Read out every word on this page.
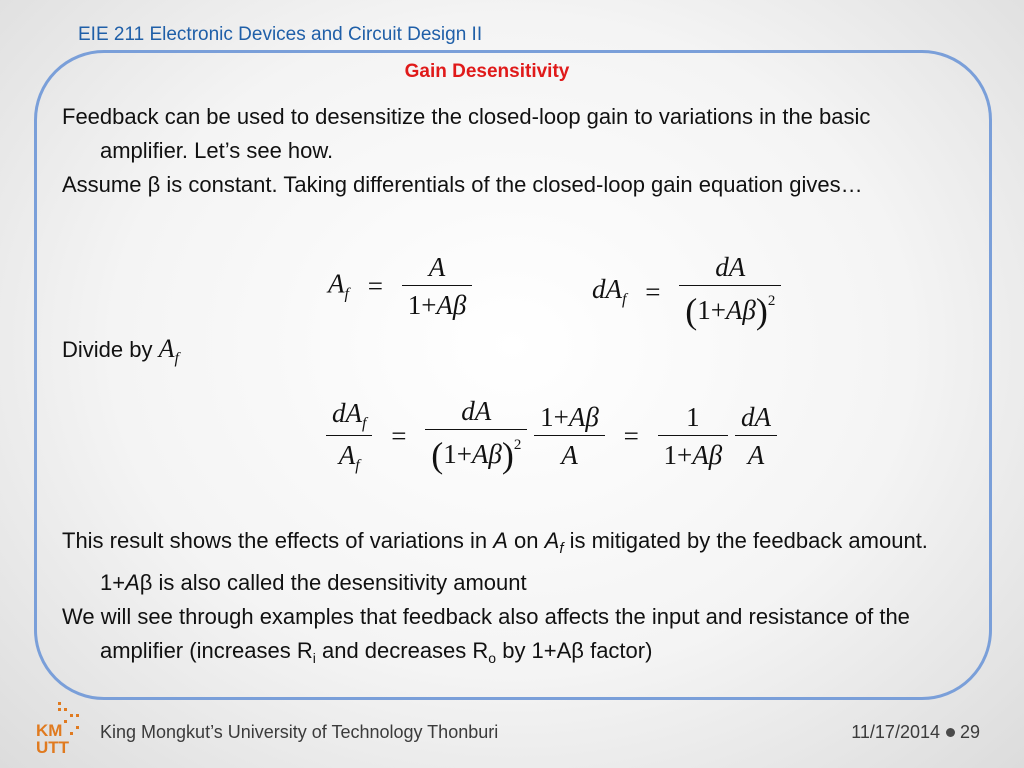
EIE 211 Electronic Devices and Circuit Design II
Gain Desensitivity

Feedback can be used to desensitize the closed-loop gain to variations in the basic amplifier. Let’s see how.

Assume β is constant. Taking differentials of the closed-loop gain equation gives…

$A_f = \frac{A}{1+A\beta}$	$dA_f = \frac{dA}{(1+A\beta)^2}$
Divide by $A_f$
$\frac{dA_f}{A_f} = \frac{dA}{(1+A\beta)^2}$
$\frac{1+A\beta}{A} = \frac{1}{1+A\beta}$
$\frac{dA}{A}$

This result shows the effects of variations in A on $A_f$ is mitigated by the feedback amount. 1+Aβ is also called the desensitivity amount

We will see through examples that feedback also affects the input and resistance of the amplifier (increases $R_i$ and decreases $R_o$ by 1+Aβ factor)

KM
UTT
King Mongkut’s University of Technology Thonburi	11/17/2014 29
